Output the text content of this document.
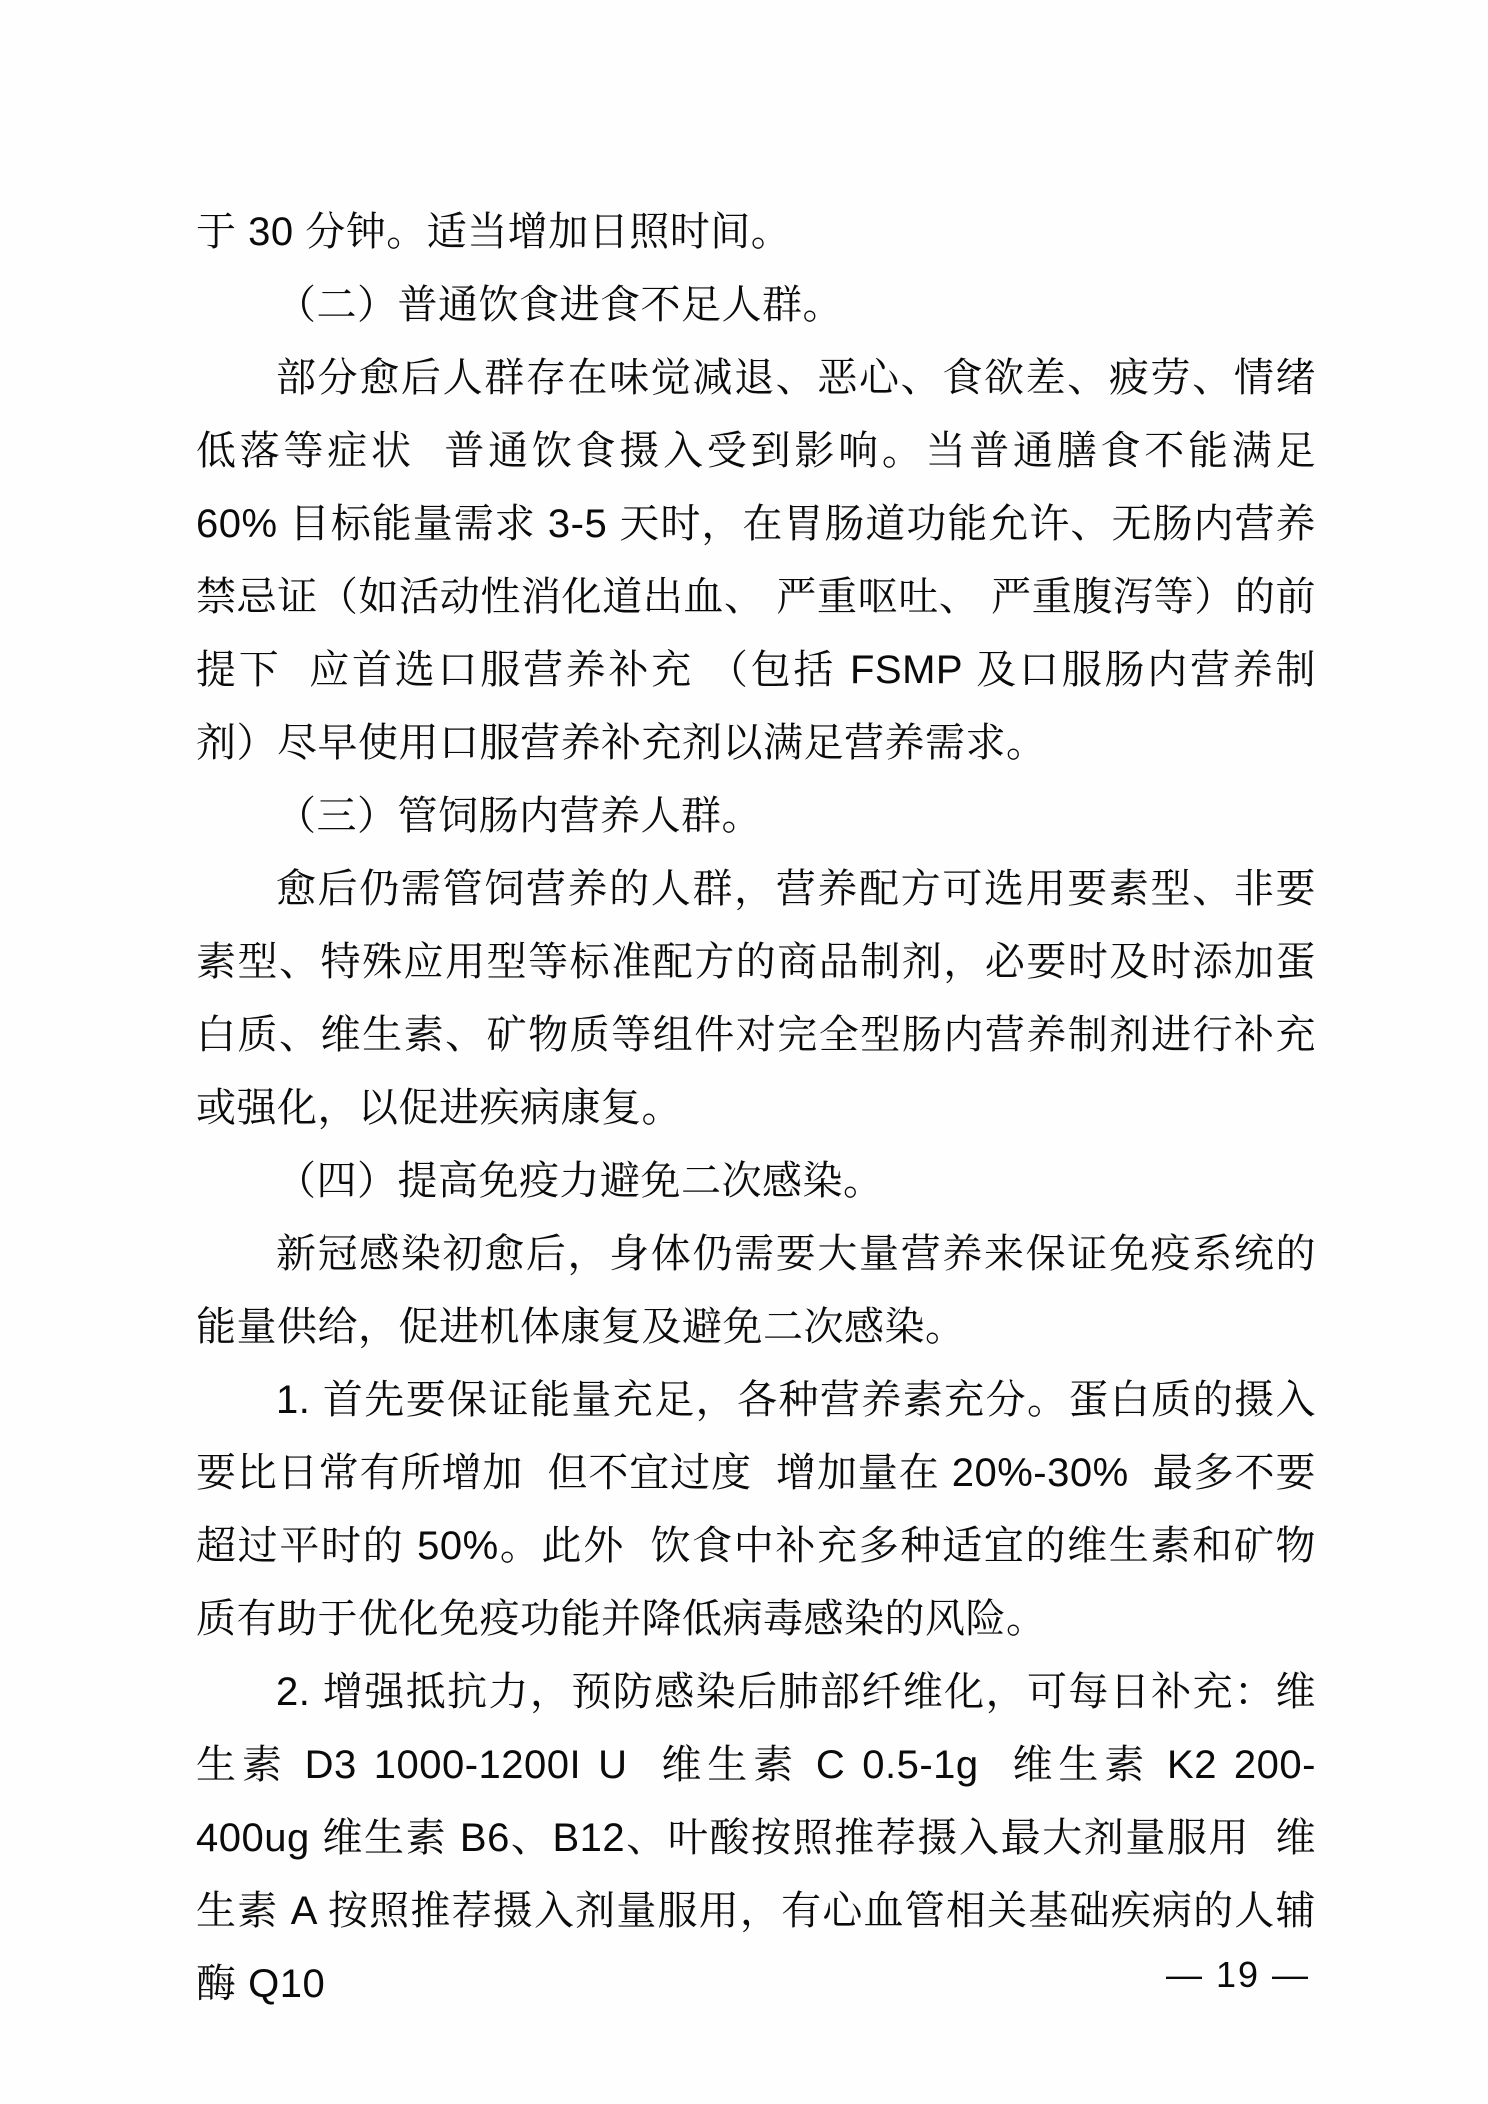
于 30 分钟。适当增加日照时间。

（二）普通饮食进食不足人群。

部分愈后人群存在味觉减退、恶心、食欲差、疲劳、情绪低落等症状  普通饮食摄入受到影响。当普通膳食不能满足 60% 目标能量需求 3-5 天时，在胃肠道功能允许、无肠内营养禁忌证（如活动性消化道出血、 严重呕吐、 严重腹泻等）的前提下  应首选口服营养补充 （包括 FSMP 及口服肠内营养制剂）尽早使用口服营养补充剂以满足营养需求。

（三）管饲肠内营养人群。

愈后仍需管饲营养的人群，营养配方可选用要素型、非要素型、特殊应用型等标准配方的商品制剂，必要时及时添加蛋白质、维生素、矿物质等组件对完全型肠内营养制剂进行补充或强化，以促进疾病康复。

（四）提高免疫力避免二次感染。

新冠感染初愈后，身体仍需要大量营养来保证免疫系统的能量供给，促进机体康复及避免二次感染。

1. 首先要保证能量充足，各种营养素充分。蛋白质的摄入要比日常有所增加  但不宜过度  增加量在 20%-30%  最多不要超过平时的 50%。此外  饮食中补充多种适宜的维生素和矿物质有助于优化免疫功能并降低病毒感染的风险。

2. 增强抵抗力，预防感染后肺部纤维化，可每日补充：维生素 D3 1000-1200I U  维生素 C 0.5-1g  维生素 K2 200-400ug 维生素 B6、B12、叶酸按照推荐摄入最大剂量服用  维生素 A 按照推荐摄入剂量服用，有心血管相关基础疾病的人辅酶 Q10	— 19 —
